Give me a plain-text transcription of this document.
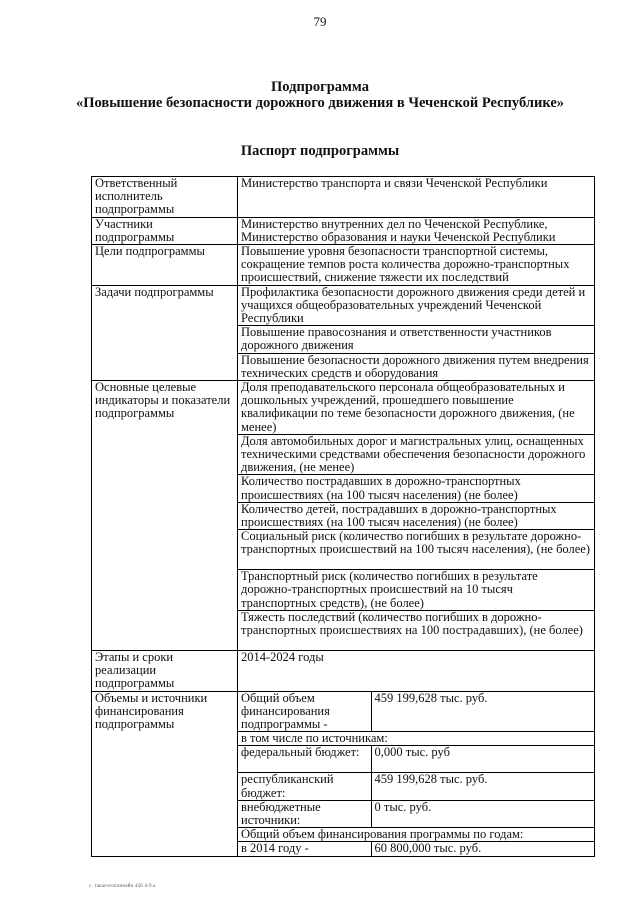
79
Подпрограмма
«Повышение безопасности дорожного движения в Чеченской Республике»
Паспорт подпрограммы
Ответственный исполнитель подпрограммы	Министерство транспорта и связи Чеченской Республики
Участники подпрограммы	Министерство внутренних дел по Чеченской Республике, Министерство образования и науки Чеченской Республики
Цели подпрограммы	Повышение уровня безопасности транспортной системы, сокращение темпов роста количества дорожно-транспортных происшествий, снижение тяжести их последствий
Задачи подпрограммы	Профилактика безопасности дорожного движения среди детей и учащихся общеобразовательных учреждений Чеченской Республики
Повышение правосознания и ответственности участников дорожного движения
Повышение безопасности дорожного движения путем внедрения технических средств и оборудования
Основные целевые индикаторы и показатели подпрограммы	Доля преподавательского персонала общеобразовательных и дошкольных учреждений, прошедшего повышение квалификации по теме безопасности дорожного движения, (не менее)
Доля автомобильных дорог и магистральных улиц, оснащенных техническими средствами обеспечения безопасности дорожного движения, (не менее)
Количество пострадавших в дорожно-транспортных происшествиях (на 100 тысяч населения) (не более)
Количество детей, пострадавших в дорожно-транспортных происшествиях (на 100 тысяч населения) (не более)
Социальный риск (количество погибших в результате дорожно-транспортных происшествий на 100 тысяч населения), (не более)
Транспортный риск (количество погибших в результате дорожно-транспортных происшествий на 10 тысяч транспортных средств), (не более)
Тяжесть последствий (количество погибших в дорожно-транспортных происшествиях на 100 пострадавших), (не более)
Этапы и сроки реализации подпрограммы	2014-2024 годы
Объемы и источники финансирования подпрограммы	
Общий объем финансирования подпрограммы -	459 199,628 тыс. руб.
в том числе по источникам:
федеральный бюджет:	0,000 тыс. руб
республиканский бюджет:	459 199,628 тыс. руб.
внебюджетные источники:	0 тыс. руб.
Общий объем финансирования программы по годам:
в 2014 году -	60 800,000 тыс. руб.
с. такаготоплинайн 456 4-9.а
